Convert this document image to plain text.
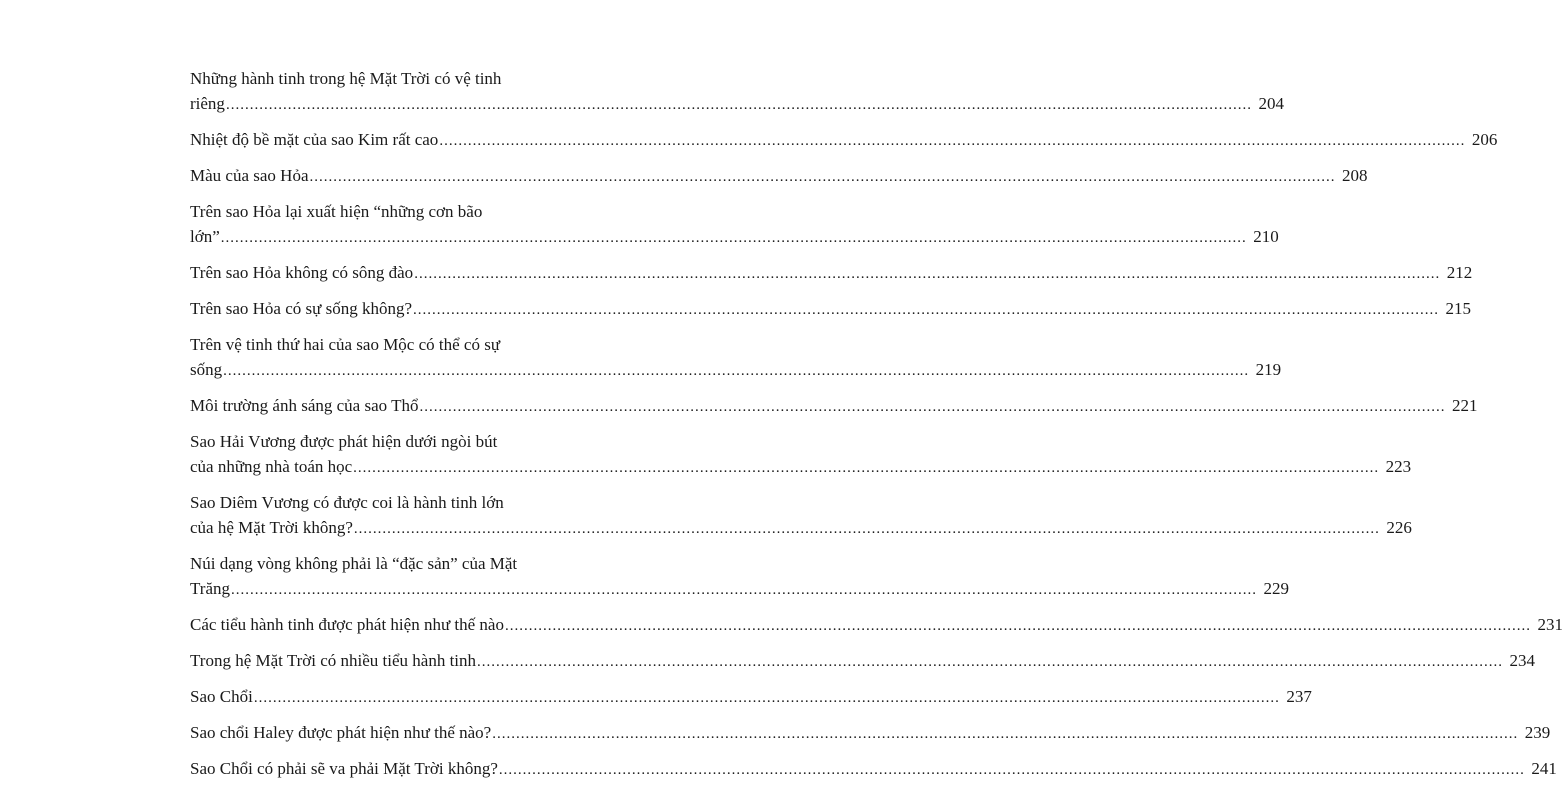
Những hành tinh trong hệ Mặt Trời có vệ tinh
riêng .....	204
Nhiệt độ bề mặt của sao Kim rất cao .....	206
Màu của sao Hỏa .....	208
Trên sao Hỏa lại xuất hiện “những cơn bão
lớn” .....	210
Trên sao Hỏa không có sông đào .....	212
Trên sao Hỏa có sự sống không? .....	215
Trên vệ tinh thứ hai của sao Mộc có thể có sự
sống .....	219
Môi trường ánh sáng của sao Thổ .....	221
Sao Hải Vương được phát hiện dưới ngòi bút
của những nhà toán học .....	223
Sao Diêm Vương có được coi là hành tinh lớn
của hệ Mặt Trời không? .....	226
Núi dạng vòng không phải là “đặc sản” của Mặt
Trăng .....	229
Các tiểu hành tinh được phát hiện như thế nào .....	231
Trong hệ Mặt Trời có nhiều tiểu hành tinh .....	234
Sao Chổi .....	237
Sao chổi Haley được phát hiện như thế nào? .....	239
Sao Chổi có phải sẽ va phải Mặt Trời không? .....	241
